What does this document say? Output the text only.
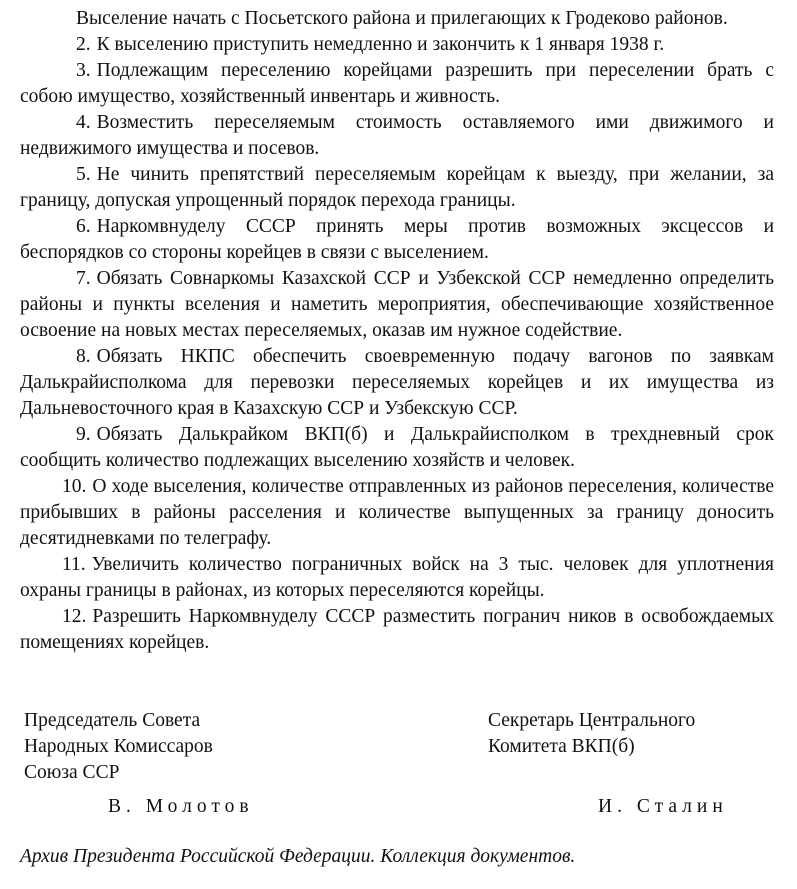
Выселение начать с Посьетского района и прилегающих к Гродеково районов.

2. К выселению приступить немедленно и закончить к 1 января 1938 г.

3. Подлежащим переселению корейцами разрешить при переселении брать с собою имущество, хозяйственный инвентарь и живность.

4. Возместить переселяемым стоимость оставляемого ими движимого и недвижимого имущества и посевов.

5. Не чинить препятствий переселяемым корейцам к выезду, при желании, за границу, допуская упрощенный порядок перехода границы.

6. Наркомвнуделу СССР принять меры против возможных эксцессов и беспорядков со стороны корейцев в связи с выселением.

7. Обязать Совнаркомы Казахской ССР и Узбекской ССР немедленно определить районы и пункты вселения и наметить мероприятия, обеспечивающие хозяйственное освоение на новых местах переселяемых, оказав им нужное содействие.

8. Обязать НКПС обеспечить своевременную подачу вагонов по заявкам Далькрайисполкома для перевозки переселяемых корейцев и их имущества из Дальневосточного края в Казахскую ССР и Узбекскую ССР.

9. Обязать Далькрайком ВКП(б) и Далькрайисполком в трехдневный срок сообщить количество подлежащих выселению хозяйств и человек.

10. О ходе выселения, количестве отправленных из районов переселения, количестве прибывших в районы расселения и количестве выпущенных за границу доносить десятидневками по телеграфу.

11. Увеличить количество пограничных войск на 3 тыс. человек для уплотнения охраны границы в районах, из которых переселяются корейцы.

12. Разрешить Наркомвнуделу СССР разместить погранич ников в освобождаемых помещениях корейцев.

Председатель Совета
Народных Комиссаров
Союза ССР
Секретарь Центрального
Комитета ВКП(б)
В. Молотов	И. Сталин
Архив Президента Российской Федерации. Коллекция документов.
